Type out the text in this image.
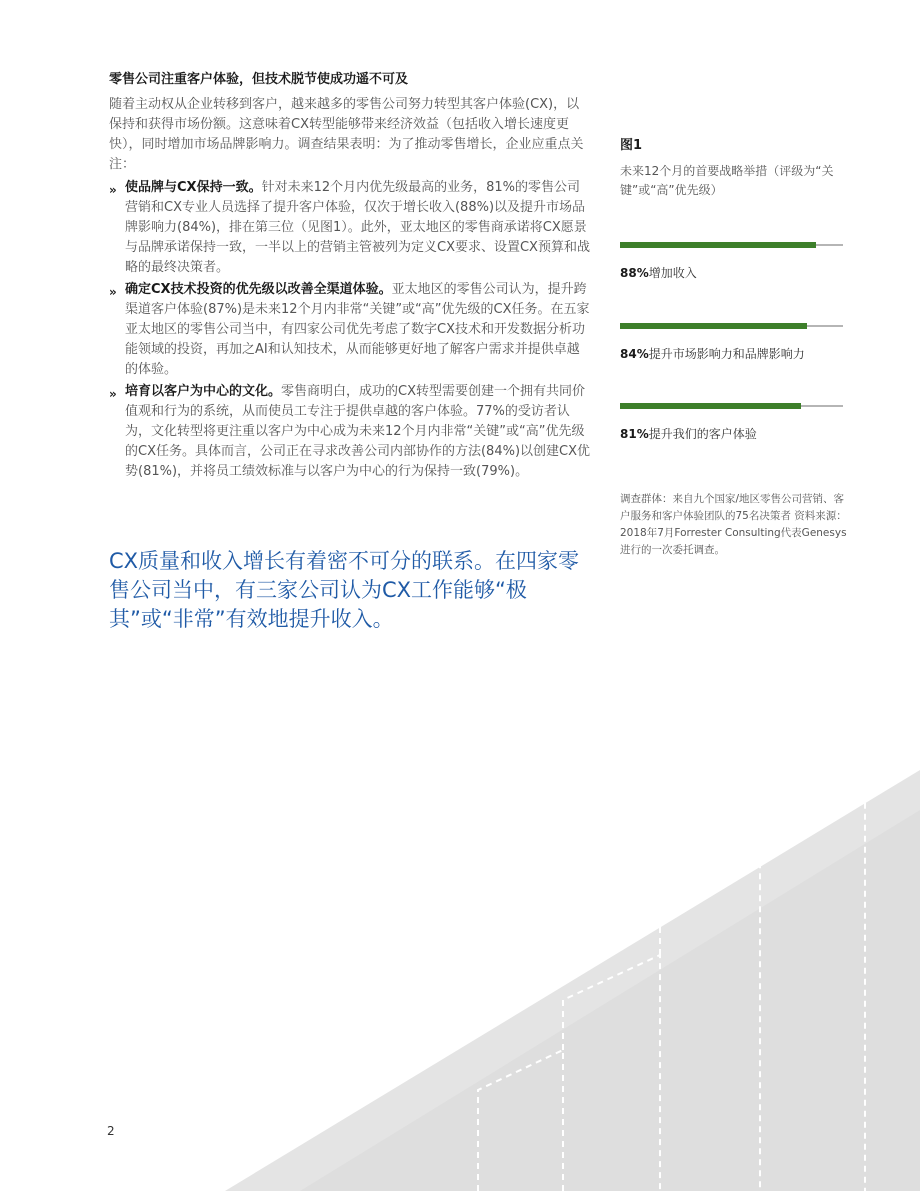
零售公司注重客户体验，但技术脱节使成功遥不可及

随着主动权从企业转移到客户，越来越多的零售公司努力转型其客户体验(CX)，以保持和获得市场份额。这意味着CX转型能够带来经济效益（包括收入增长速度更快），同时增加市场品牌影响力。调查结果表明：为了推动零售增长，企业应重点关注：

» 使品牌与CX保持一致。针对未来12个月内优先级最高的业务，81%的零售公司营销和CX专业人员选择了提升客户体验，仅次于增长收入(88%)以及提升市场品牌影响力(84%)，排在第三位（见图1）。此外，亚太地区的零售商承诺将CX愿景与品牌承诺保持一致，一半以上的营销主管被列为定义CX要求、设置CX预算和战略的最终决策者。
» 确定CX技术投资的优先级以改善全渠道体验。亚太地区的零售公司认为，提升跨渠道客户体验(87%)是未来12个月内非常“关键”或“高”优先级的CX任务。在五家亚太地区的零售公司当中，有四家公司优先考虑了数字CX技术和开发数据分析功能领域的投资，再加之AI和认知技术，从而能够更好地了解客户需求并提供卓越的体验。
» 培育以客户为中心的文化。零售商明白，成功的CX转型需要创建一个拥有共同价值观和行为的系统，从而使员工专注于提供卓越的客户体验。77%的受访者认为，文化转型将更注重以客户为中心成为未来12个月内非常“关键”或“高”优先级的CX任务。具体而言，公司正在寻求改善公司内部协作的方法(84%)以创建CX优势(81%)，并将员工绩效标准与以客户为中心的行为保持一致(79%)。

CX质量和收入增长有着密不可分的联系。在四家零售公司当中，有三家公司认为CX工作能够“极其”或“非常”有效地提升收入。

图1

未来12个月的首要战略举措（评级为“关键”或“高”优先级）

88%增加收入
84%提升市场影响力和品牌影响力
81%提升我们的客户体验

调查群体：来自九个国家/地区零售公司营销、客户服务和客户体验团队的75名决策者 资料来源：2018年7月Forrester Consulting代表Genesys进行的一次委托调查。

2
